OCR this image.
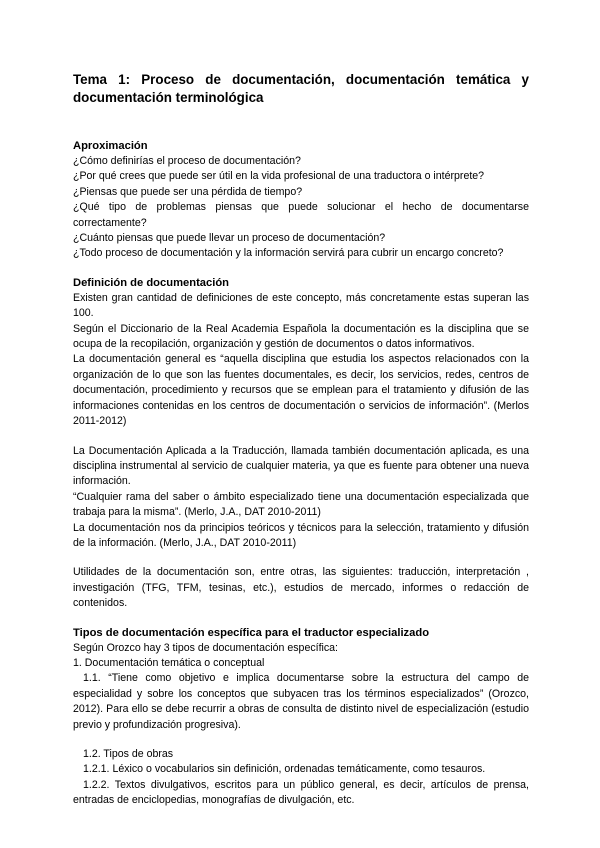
Tema 1: Proceso de documentación, documentación temática y documentación terminológica

Aproximación

¿Cómo definirías el proceso de documentación?

¿Por qué crees que puede ser útil en la vida profesional de una traductora o intérprete?

¿Piensas que puede ser una pérdida de tiempo?

¿Qué tipo de problemas piensas que puede solucionar el hecho de documentarse correctamente?

¿Cuánto piensas que puede llevar un proceso de documentación?

¿Todo proceso de documentación y la información servirá para cubrir un encargo concreto?

Definición de documentación

Existen gran cantidad de definiciones de este concepto, más concretamente estas superan las 100.

Según el Diccionario de la Real Academia Española la documentación es la disciplina que se ocupa de la recopilación, organización y gestión de documentos o datos informativos.

La documentación general es “aquella disciplina que estudia los aspectos relacionados con la organización de lo que son las fuentes documentales, es decir, los servicios, redes, centros de documentación, procedimiento y recursos que se emplean para el tratamiento y difusión de las informaciones contenidas en los centros de documentación o servicios de información”. (Merlos 2011-2012)

La Documentación Aplicada a la Traducción, llamada también documentación aplicada, es una disciplina instrumental al servicio de cualquier materia, ya que es fuente para obtener una nueva información.

“Cualquier rama del saber o ámbito especializado tiene una documentación especializada que trabaja para la misma”. (Merlo, J.A., DAT 2010-2011)

La documentación nos da principios teóricos y técnicos para la selección, tratamiento y difusión de la información. (Merlo, J.A., DAT 2010-2011)

Utilidades de la documentación son, entre otras, las siguientes: traducción, interpretación , investigación (TFG, TFM, tesinas, etc.), estudios de mercado, informes o redacción de contenidos.

Tipos de documentación específica para el traductor especializado

Según Orozco hay 3 tipos de documentación específica:

1. Documentación temática o conceptual

1.1. “Tiene como objetivo e implica documentarse sobre la estructura del campo de especialidad y sobre los conceptos que subyacen tras los términos especializados” (Orozco, 2012). Para ello se debe recurrir a obras de consulta de distinto nivel de especialización (estudio previo y profundización progresiva).

1.2. Tipos de obras

1.2.1. Léxico o vocabularios sin definición, ordenadas temáticamente, como tesauros.

1.2.2. Textos divulgativos, escritos para un público general, es decir, artículos de prensa, entradas de enciclopedias, monografías de divulgación, etc.
